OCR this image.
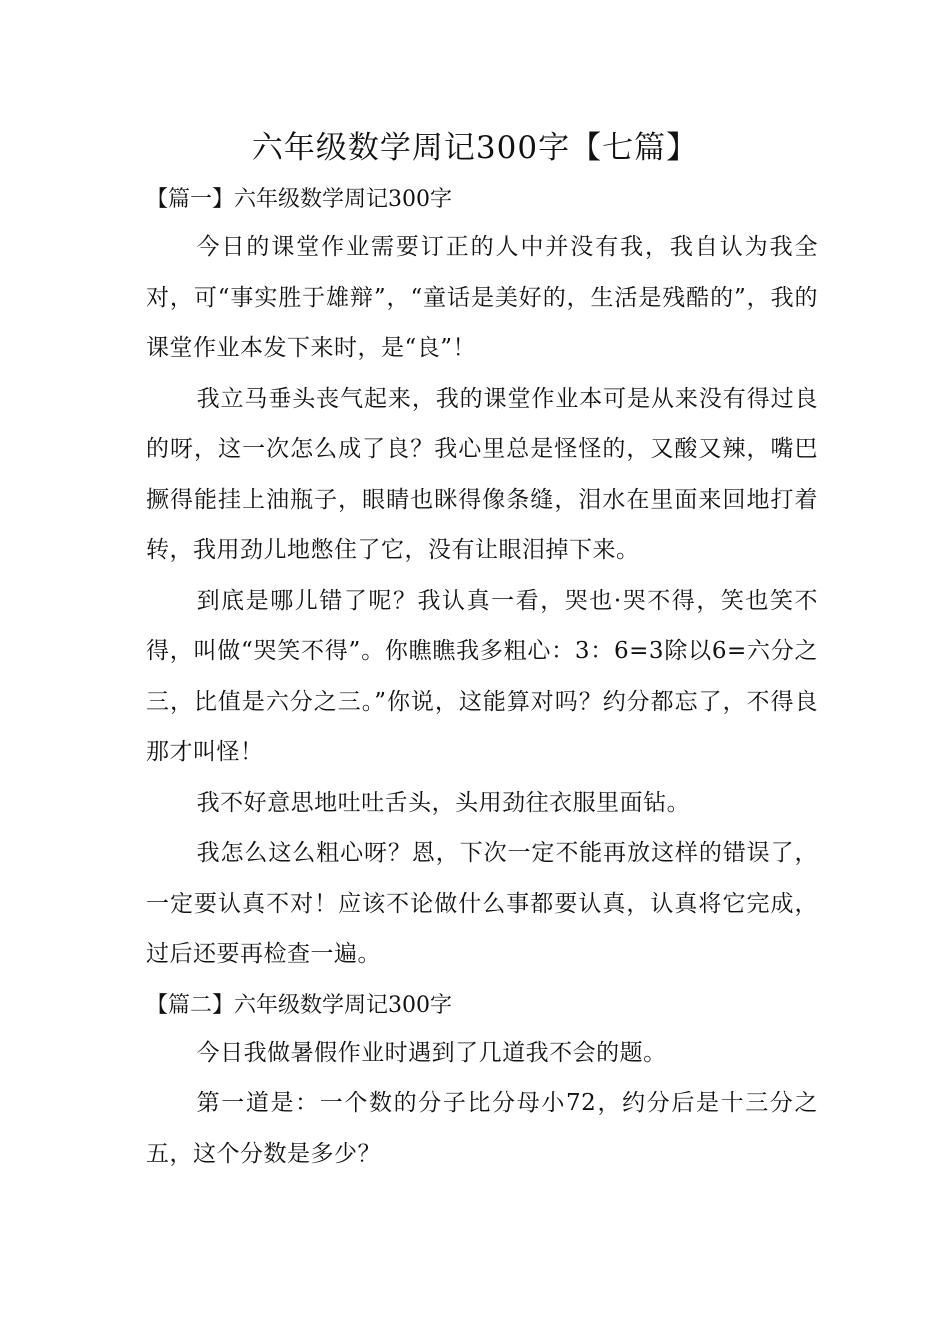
六年级数学周记300字【七篇】
【篇一】六年级数学周记300字

今日的课堂作业需要订正的人中并没有我，我自认为我全对，可“事实胜于雄辩”，“童话是美好的，生活是残酷的”，我的课堂作业本发下来时，是“良”！

我立马垂头丧气起来，我的课堂作业本可是从来没有得过良的呀，这一次怎么成了良？我心里总是怪怪的，又酸又辣，嘴巴撅得能挂上油瓶子，眼睛也眯得像条缝，泪水在里面来回地打着转，我用劲儿地憋住了它，没有让眼泪掉下来。

到底是哪儿错了呢？我认真一看，哭也·哭不得，笑也笑不得，叫做“哭笑不得”。你瞧瞧我多粗心：3：6=3除以6=六分之三，比值是六分之三。”你说，这能算对吗？约分都忘了，不得良那才叫怪！

我不好意思地吐吐舌头，头用劲往衣服里面钻。

我怎么这么粗心呀？恩，下次一定不能再放这样的错误了，一定要认真不对！应该不论做什么事都要认真，认真将它完成，过后还要再检查一遍。

【篇二】六年级数学周记300字

今日我做暑假作业时遇到了几道我不会的题。

第一道是：一个数的分子比分母小72，约分后是十三分之五，这个分数是多少？
